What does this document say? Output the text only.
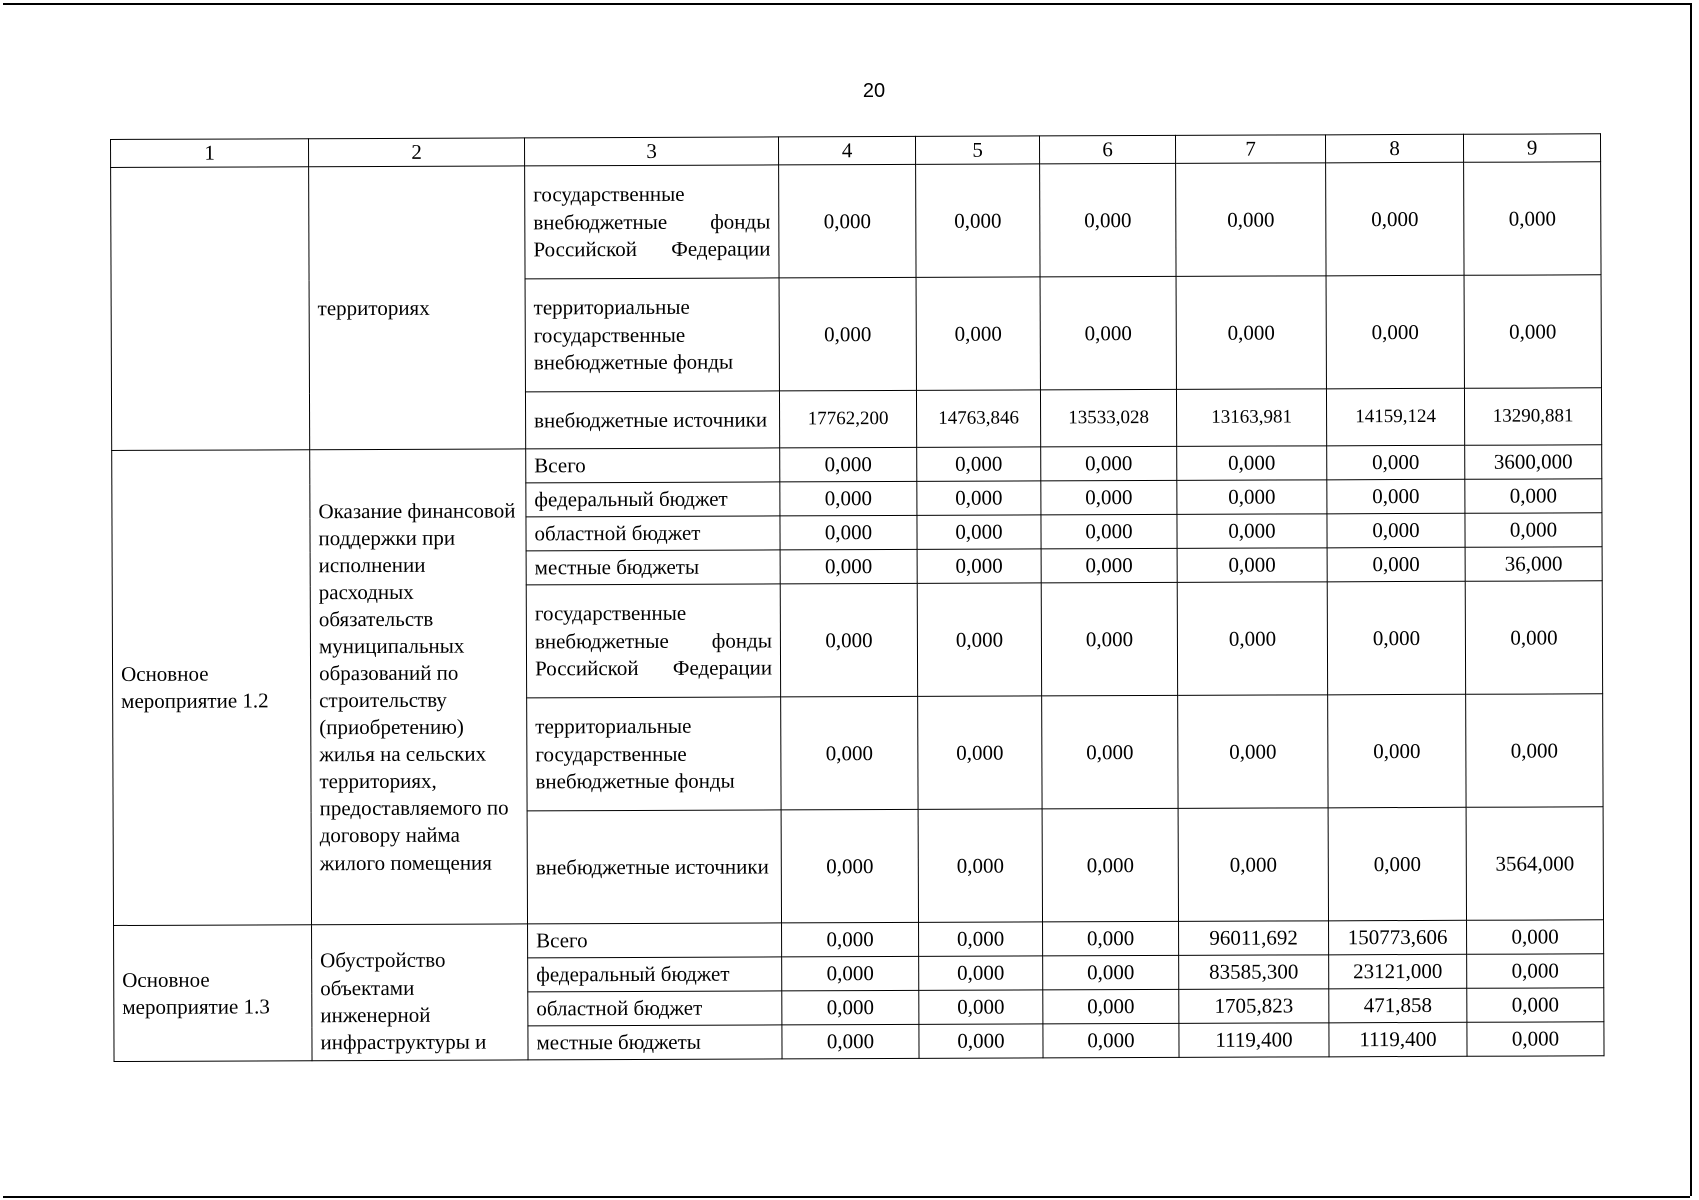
20
1	2	3	4	5	6	7	8	9
	территориях	государственные внебюджетные фонды Российской Федерации	0,000	0,000	0,000	0,000	0,000	0,000
		территориальные государственные внебюджетные фонды	0,000	0,000	0,000	0,000	0,000	0,000
		внебюджетные источники	17762,200	14763,846	13533,028	13163,981	14159,124	13290,881
Основное мероприятие 1.2	Оказание финансовой поддержки при исполнении расходных обязательств муниципальных образований по строительству (приобретению) жилья на сельских территориях, предоставляемого по договору найма жилого помещения	Всего	0,000	0,000	0,000	0,000	0,000	3600,000
		федеральный бюджет	0,000	0,000	0,000	0,000	0,000	0,000
		областной бюджет	0,000	0,000	0,000	0,000	0,000	0,000
		местные бюджеты	0,000	0,000	0,000	0,000	0,000	36,000

		государственные внебюджетные фонды Российской Федерации	0,000	0,000	0,000	0,000	0,000	0,000
		территориальные государственные внебюджетные фонды	0,000	0,000	0,000	0,000	0,000	0,000
		внебюджетные источники	0,000	0,000	0,000	0,000	0,000	3564,000
Основное мероприятие 1.3	Обустройство объектами инженерной инфраструктуры и	Всего	0,000	0,000	0,000	96011,692	150773,606	0,000
		федеральный бюджет	0,000	0,000	0,000	83585,300	23121,000	0,000
		областной бюджет	0,000	0,000	0,000	1705,823	471,858	0,000
		местные бюджеты	0,000	0,000	0,000	1119,400	1119,400	0,000
